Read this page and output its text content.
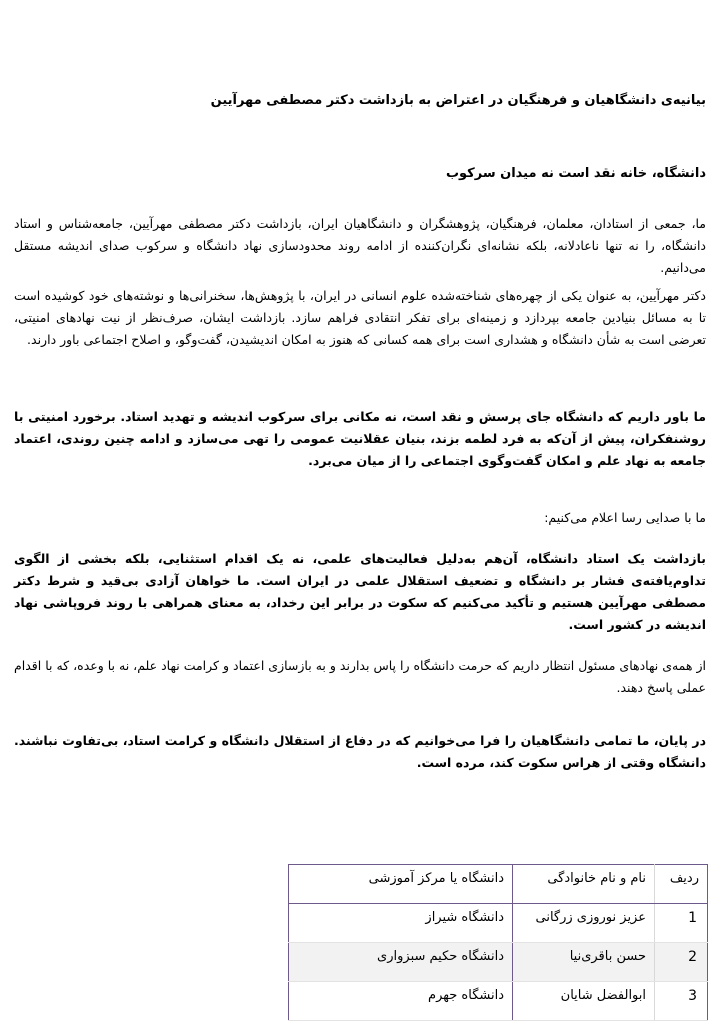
بیانیه‌ی دانشگاهیان و فرهنگیان در اعتراض به بازداشت دکتر مصطفی مهرآیین
دانشگاه، خانه نقد است نه میدان سرکوب

ما، جمعی از استادان، معلمان، فرهنگیان، پژوهشگران و دانشگاهیان ایران، بازداشت دکتر مصطفی مهرآیین، جامعه‌شناس و استاد دانشگاه، را نه تنها ناعادلانه، بلکه نشانه‌ای نگران‌کننده از ادامه روند محدودسازی نهاد دانشگاه و سرکوب صدای اندیشه مستقل می‌دانیم.

دکتر مهرآیین، به عنوان یکی از چهره‌های شناخته‌شده علوم انسانی در ایران، با پژوهش‌ها، سخنرانی‌ها و نوشته‌های خود کوشیده است تا به مسائل بنیادین جامعه بپردازد و زمینه‌ای برای تفکر انتقادی فراهم سازد. بازداشت ایشان، صرف‌نظر از نیت نهادهای امنیتی، تعرضی است به شأن دانشگاه و هشداری است برای همه کسانی که هنوز به امکان اندیشیدن، گفت‌وگو، و اصلاح اجتماعی باور دارند.

ما باور داریم که دانشگاه جای پرسش و نقد است، نه مکانی برای سرکوب اندیشه و تهدید استاد. برخورد امنیتی با روشنفکران، پیش از آن‌که به فرد لطمه بزند، بنیان عقلانیت عمومی را تهی می‌سازد و ادامه چنین روندی، اعتماد جامعه به نهاد علم و امکان گفت‌وگوی اجتماعی را از میان می‌برد.

ما با صدایی رسا اعلام می‌کنیم:

بازداشت یک استاد دانشگاه، آن‌هم به‌دلیل فعالیت‌های علمی، نه یک اقدام استثنایی، بلکه بخشی از الگوی تداوم‌یافته‌ی فشار بر دانشگاه و تضعیف استقلال علمی در ایران است. ما خواهان آزادی بی‌قید و شرط دکتر مصطفی مهرآیین هستیم و تأکید می‌کنیم که سکوت در برابر این رخداد، به معنای همراهی با روند فروپاشی نهاد اندیشه در کشور است.

از همه‌ی نهادهای مسئول انتظار داریم که حرمت دانشگاه را پاس بدارند و به بازسازی اعتماد و کرامت نهاد علم، نه با وعده، که با اقدام عملی پاسخ دهند.

در پایان، ما تمامی دانشگاهیان را فرا می‌خوانیم که در دفاع از استقلال دانشگاه و کرامت استاد، بی‌تفاوت نباشند. دانشگاه وقتی از هراس سکوت کند، مرده است.

ردیف	نام و نام خانوادگی	دانشگاه یا مرکز آموزشی
1	عزیز نوروزی زرگانی	دانشگاه شیراز
2	حسن باقری‌نیا	دانشگاه حکیم سبزواری
3	ابوالفضل شایان	دانشگاه جهرم
